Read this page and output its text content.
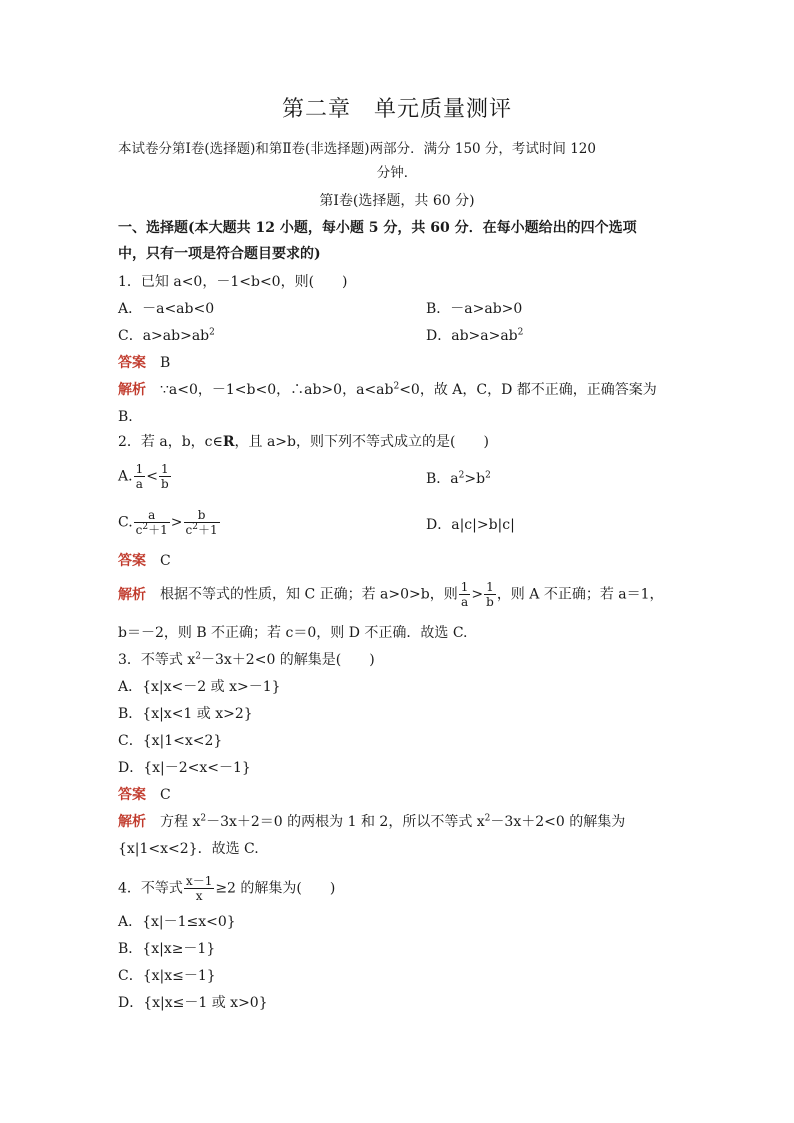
第二章　单元质量测评
本试卷分第Ⅰ卷(选择题)和第Ⅱ卷(非选择题)两部分．满分 150 分，考试时间 120
分钟．
第Ⅰ卷(选择题，共 60 分)
一、选择题(本大题共 12 小题，每小题 5 分，共 60 分．在每小题给出的四个选项
中，只有一项是符合题目要求的)
1．已知 a<0，－1<b<0，则(　　)
A．－a<ab<0	B．－a>ab>0
C．$a>ab>ab^2$	D．$ab>a>ab^2$
答案 B
解析 ∵a<0，－1<b<0，∴ab>0，$a<ab^2<0$，故 A，C，D 都不正确，正确答案为
B.
2．若 a，b，c∈R，且 a>b，则下列不等式成立的是(　　)
A. $\frac{1}{a} < \frac{1}{b}$	B．$a^2>b^2$
C. $\frac{a}{c^2+1} > \frac{b}{c^2+1}$	D．a|c|>b|c|
答案 C
解析 根据不等式的性质，知 C 正确；若 a>0>b，则 $\frac{1}{a} > \frac{1}{b}$ ，则 A 不正确；若 a＝1，
b＝－2，则 B 不正确；若 c＝0，则 D 不正确．故选 C.
3．不等式 $x^2-3x+2<0$ 的解集是(　　)
A．{x|x<－2 或 x>－1}
B．{x|x<1 或 x>2}
C．{x|1<x<2}
D．{x|－2<x<－1}
答案 C
解析 方程 $x^2-3x+2=0$ 的两根为 1 和 2，所以不等式 $x^2-3x+2<0$ 的解集为
{x|1<x<2}．故选 C.
4．不等式 $\frac{x-1}{x} \ge 2$ 的解集为(　　)
A．{x|－1≤x<0}
B．{x|x≥－1}
C．{x|x≤－1}
D．{x|x≤－1 或 x>0}
